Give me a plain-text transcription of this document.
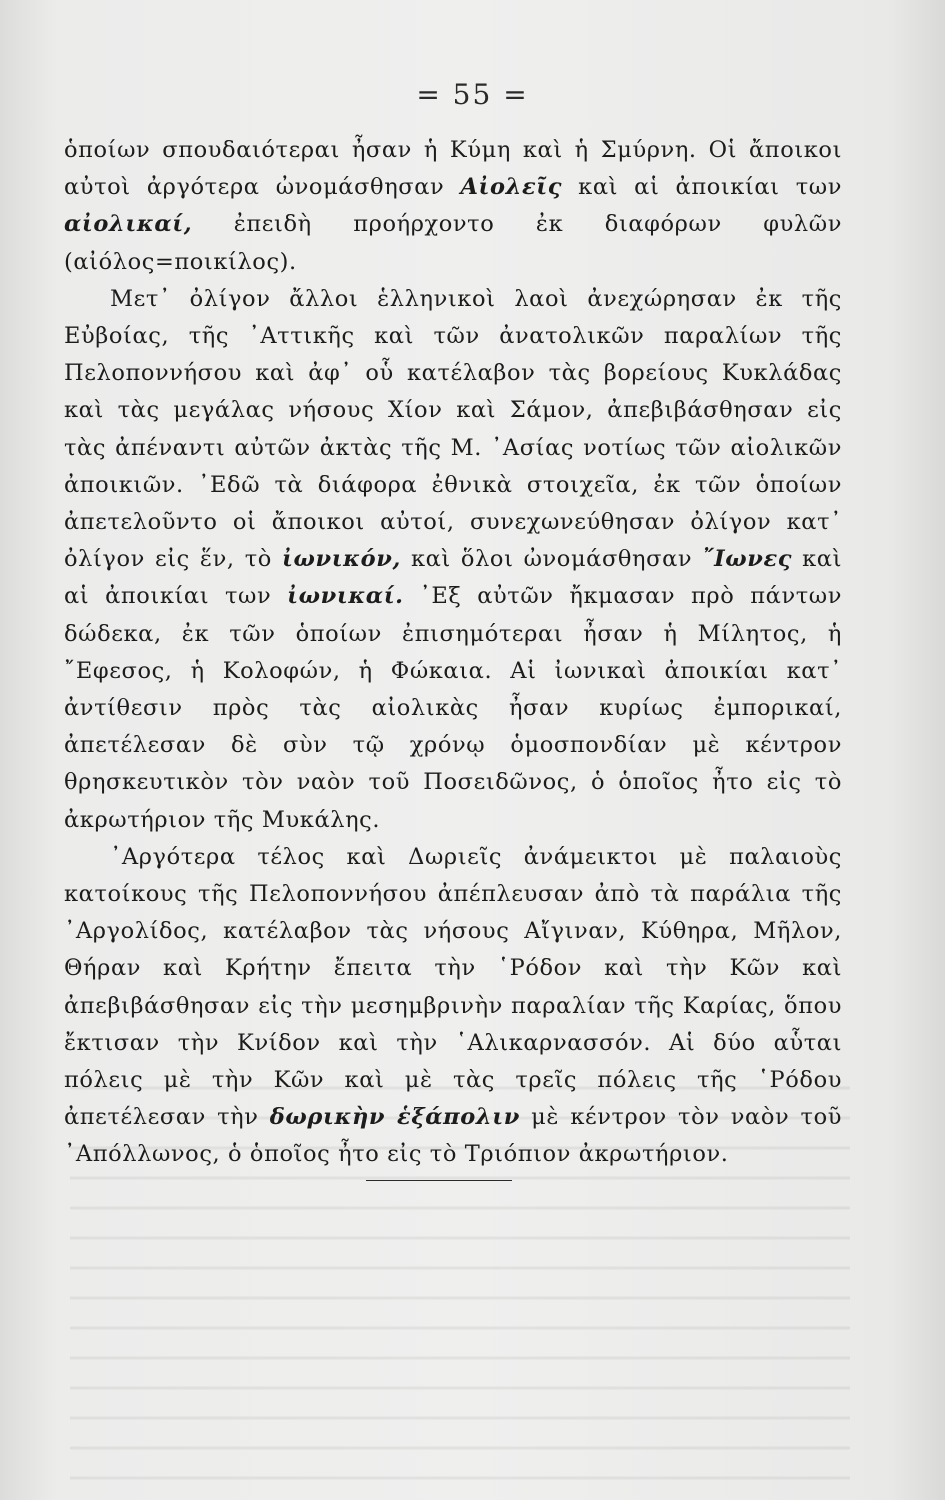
= 55 =

ὁποίων σπουδαιότεραι ἦσαν ἡ Κύμη καὶ ἡ Σμύρνη. Οἱ ἄποικοι αὐτοὶ ἀργότερα ὠνομάσθησαν Αἰολεῖς καὶ αἱ ἀποικίαι των αἰολικαί, ἐπειδὴ προήρχοντο ἐκ διαφόρων φυλῶν (αἰόλος=ποικίλος).

Μετ᾽ ὀλίγον ἄλλοι ἑλληνικοὶ λαοὶ ἀνεχώρησαν ἐκ τῆς Εὐβοίας, τῆς ᾽Αττικῆς καὶ τῶν ἀνατολικῶν παραλίων τῆς Πελοποννήσου καὶ ἀφ᾽ οὗ κατέλαβον τὰς βορείους Κυκλάδας καὶ τὰς μεγάλας νήσους Χίον καὶ Σάμον, ἀπεβιβάσθησαν εἰς τὰς ἀπέναντι αὐτῶν ἀκτὰς τῆς Μ. ᾽Ασίας νοτίως τῶν αἰολικῶν ἀποικιῶν. ᾽Εδῶ τὰ διάφορα ἐθνικὰ στοιχεῖα, ἐκ τῶν ὁποίων ἀπετελοῦντο οἱ ἄποικοι αὐτοί, συνεχωνεύθησαν ὀλίγον κατ᾽ ὀλίγον εἰς ἕν, τὸ ἰωνικόν, καὶ ὅλοι ὠνομάσθησαν ῎Ιωνες καὶ αἱ ἀποικίαι των ἰωνικαί. ᾽Εξ αὐτῶν ἤκμασαν πρὸ πάντων δώδεκα, ἐκ τῶν ὁποίων ἐπισημότεραι ἦσαν ἡ Μίλητος, ἡ ῎Εφεσος, ἡ Κολοφών, ἡ Φώκαια. Αἱ ἰωνικαὶ ἀποικίαι κατ᾽ ἀντίθεσιν πρὸς τὰς αἰολικὰς ἦσαν κυρίως ἐμπορικαί, ἀπετέλεσαν δὲ σὺν τῷ χρόνῳ ὁμοσπονδίαν μὲ κέντρον θρησκευτικὸν τὸν ναὸν τοῦ Ποσειδῶνος, ὁ ὁποῖος ἦτο εἰς τὸ ἀκρωτήριον τῆς Μυκάλης.

᾽Αργότερα τέλος καὶ Δωριεῖς ἀνάμεικτοι μὲ παλαιοὺς κατοίκους τῆς Πελοποννήσου ἀπέπλευσαν ἀπὸ τὰ παράλια τῆς ᾽Αργολίδος, κατέλαβον τὰς νήσους Αἴγιναν, Κύθηρα, Μῆλον, Θήραν καὶ Κρήτην ἔπειτα τὴν ῾Ρόδον καὶ τὴν Κῶν καὶ ἀπεβιβάσθησαν εἰς τὴν μεσημβρινὴν παραλίαν τῆς Καρίας, ὅπου ἔκτισαν τὴν Κνίδον καὶ τὴν ῾Αλικαρνασσόν. Αἱ δύο αὗται πόλεις μὲ τὴν Κῶν καὶ μὲ τὰς τρεῖς πόλεις τῆς ῾Ρόδου ἀπετέλεσαν τὴν δωρικὴν ἑξάπολιν μὲ κέντρον τὸν ναὸν τοῦ ᾽Απόλλωνος, ὁ ὁποῖος ἦτο εἰς τὸ Τριόπιον ἀκρωτήριον.
